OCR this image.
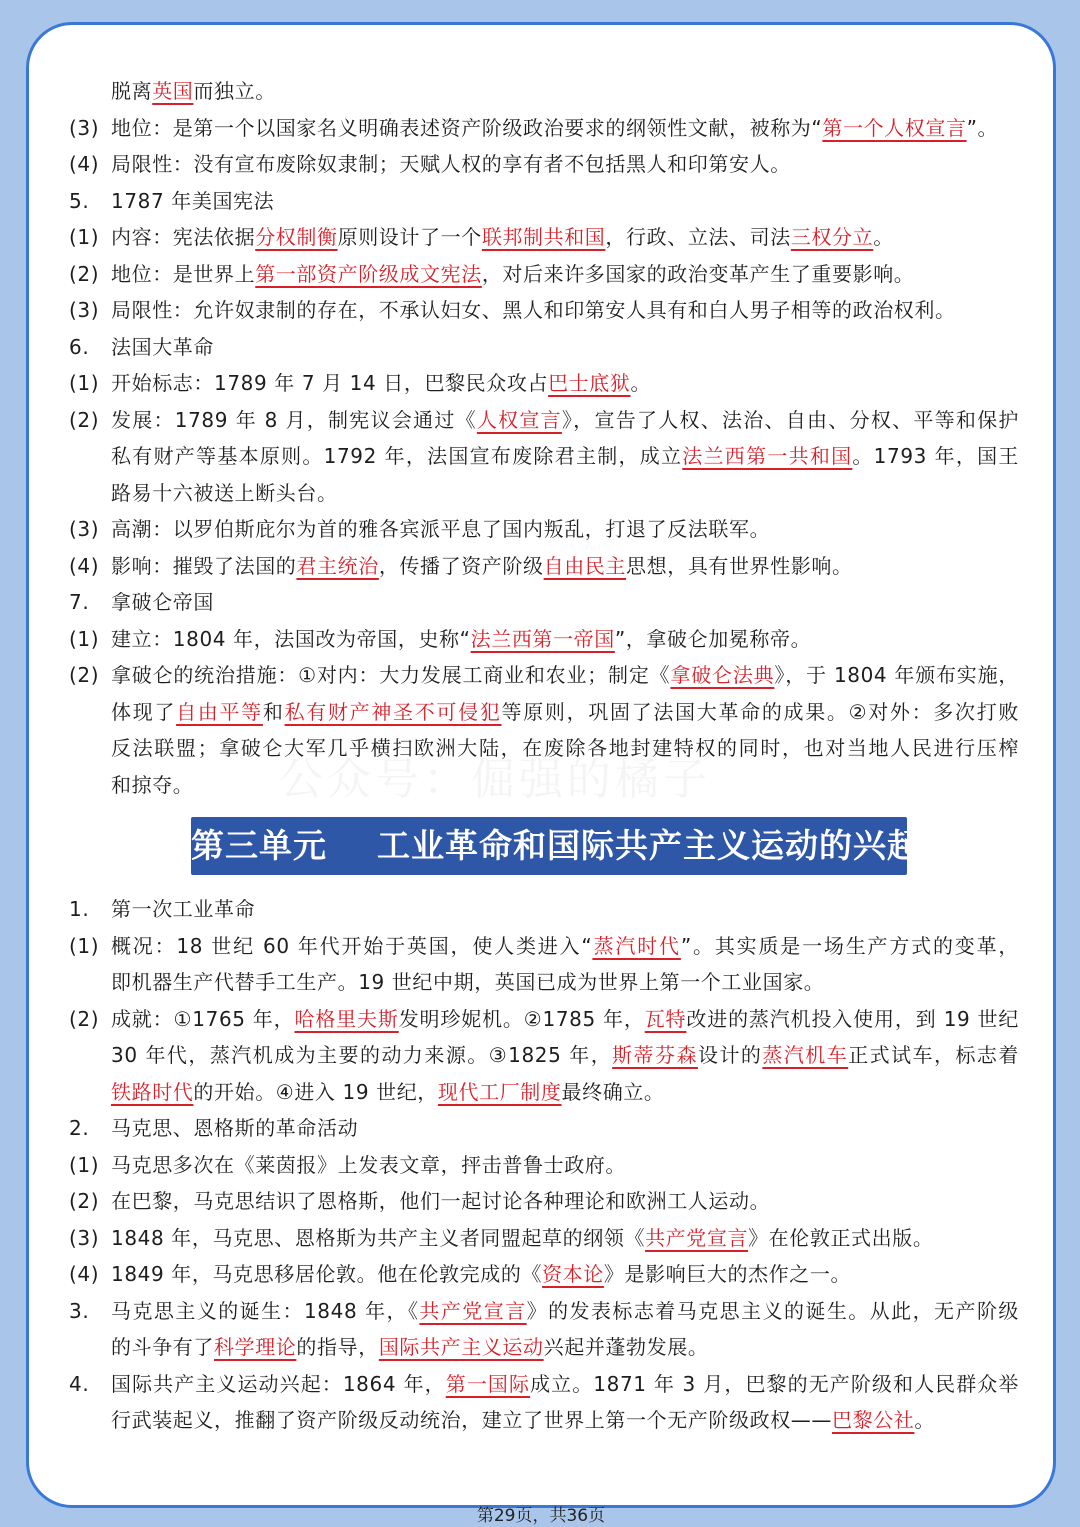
脱离英国而独立。
(3) 地位：是第一个以国家名义明确表述资产阶级政治要求的纲领性文献，被称为“第一个人权宣言”。
(4) 局限性：没有宣布废除奴隶制；天赋人权的享有者不包括黑人和印第安人。
5. 1787 年美国宪法
(1) 内容：宪法依据分权制衡原则设计了一个联邦制共和国，行政、立法、司法三权分立。
(2) 地位：是世界上第一部资产阶级成文宪法，对后来许多国家的政治变革产生了重要影响。
(3) 局限性：允许奴隶制的存在，不承认妇女、黑人和印第安人具有和白人男子相等的政治权利。
6. 法国大革命
(1) 开始标志：1789 年 7 月 14 日，巴黎民众攻占巴士底狱。
(2) 发展：1789 年 8 月，制宪议会通过《人权宣言》，宣告了人权、法治、自由、分权、平等和保护
私有财产等基本原则。1792 年，法国宣布废除君主制，成立法兰西第一共和国。1793 年，国王
路易十六被送上断头台。
(3) 高潮：以罗伯斯庇尔为首的雅各宾派平息了国内叛乱，打退了反法联军。
(4) 影响：摧毁了法国的君主统治，传播了资产阶级自由民主思想，具有世界性影响。
7. 拿破仑帝国
(1) 建立：1804 年，法国改为帝国，史称“法兰西第一帝国”，拿破仑加冕称帝。
(2) 拿破仑的统治措施：①对内：大力发展工商业和农业；制定《拿破仑法典》，于 1804 年颁布实施，
体现了自由平等和私有财产神圣不可侵犯等原则，巩固了法国大革命的成果。②对外：多次打败
反法联盟；拿破仑大军几乎横扫欧洲大陆，在废除各地封建特权的同时，也对当地人民进行压榨
和掠夺。
第三单元    工业革命和国际共产主义运动的兴起
1. 第一次工业革命
(1) 概况：18 世纪 60 年代开始于英国，使人类进入“蒸汽时代”。其实质是一场生产方式的变革，
即机器生产代替手工生产。19 世纪中期，英国已成为世界上第一个工业国家。
(2) 成就：①1765 年，哈格里夫斯发明珍妮机。②1785 年，瓦特改进的蒸汽机投入使用，到 19 世纪
30 年代，蒸汽机成为主要的动力来源。③1825 年，斯蒂芬森设计的蒸汽机车正式试车，标志着
铁路时代的开始。④进入 19 世纪，现代工厂制度最终确立。
2. 马克思、恩格斯的革命活动
(1) 马克思多次在《莱茵报》上发表文章，抨击普鲁士政府。
(2) 在巴黎，马克思结识了恩格斯，他们一起讨论各种理论和欧洲工人运动。
(3) 1848 年，马克思、恩格斯为共产主义者同盟起草的纲领《共产党宣言》在伦敦正式出版。
(4) 1849 年，马克思移居伦敦。他在伦敦完成的《资本论》是影响巨大的杰作之一。
3. 马克思主义的诞生：1848 年，《共产党宣言》的发表标志着马克思主义的诞生。从此，无产阶级
的斗争有了科学理论的指导，国际共产主义运动兴起并蓬勃发展。
4. 国际共产主义运动兴起：1864 年，第一国际成立。1871 年 3 月，巴黎的无产阶级和人民群众举
行武装起义，推翻了资产阶级反动统治，建立了世界上第一个无产阶级政权——巴黎公社。
第29页，共36页
